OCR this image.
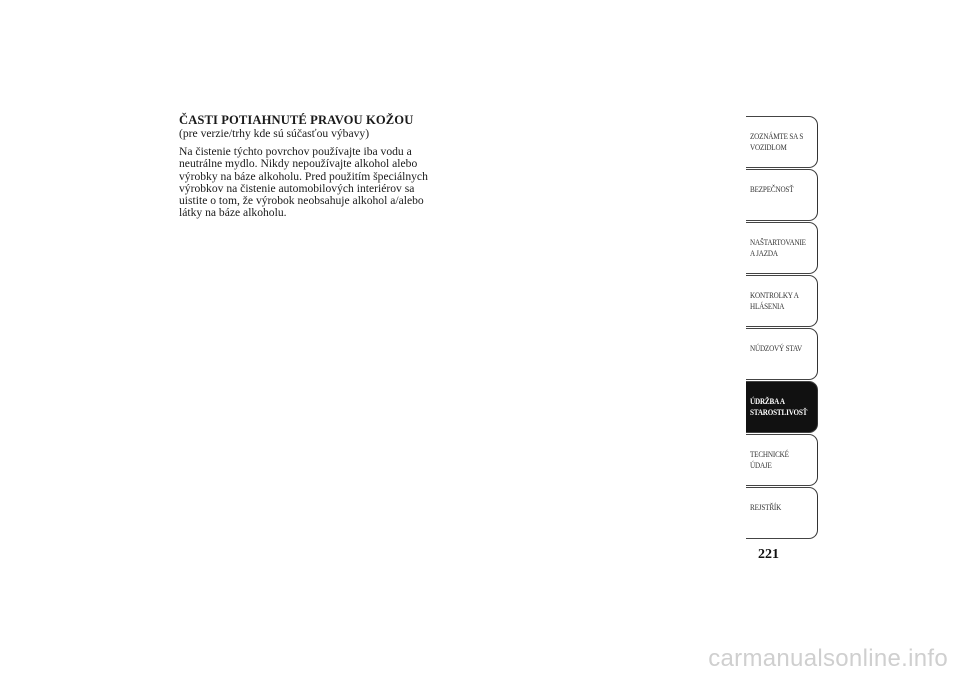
ČASTI POTIAHNUTÉ PRAVOU KOŽOU

(pre verzie/trhy kde sú súčasťou výbavy)

Na čistenie týchto povrchov používajte iba vodu a
neutrálne mydlo. Nikdy nepoužívajte alkohol alebo
výrobky na báze alkoholu. Pred použitím špeciálnych
výrobkov na čistenie automobilových interiérov sa
uistite o tom, že výrobok neobsahuje alkohol a/alebo
látky na báze alkoholu.
ZOZNÁMTE SA S
VOZIDLOM
BEZPEČNOSŤ
NAŠTARTOVANIE
A JAZDA
KONTROLKY A
HLÁSENIA
NÚDZOVÝ STAV
ÚDRŽBA A
STAROSTLIVOSŤ
TECHNICKÉ
ÚDAJE
REJSTŘÍK
221
carmanualsonline.info
